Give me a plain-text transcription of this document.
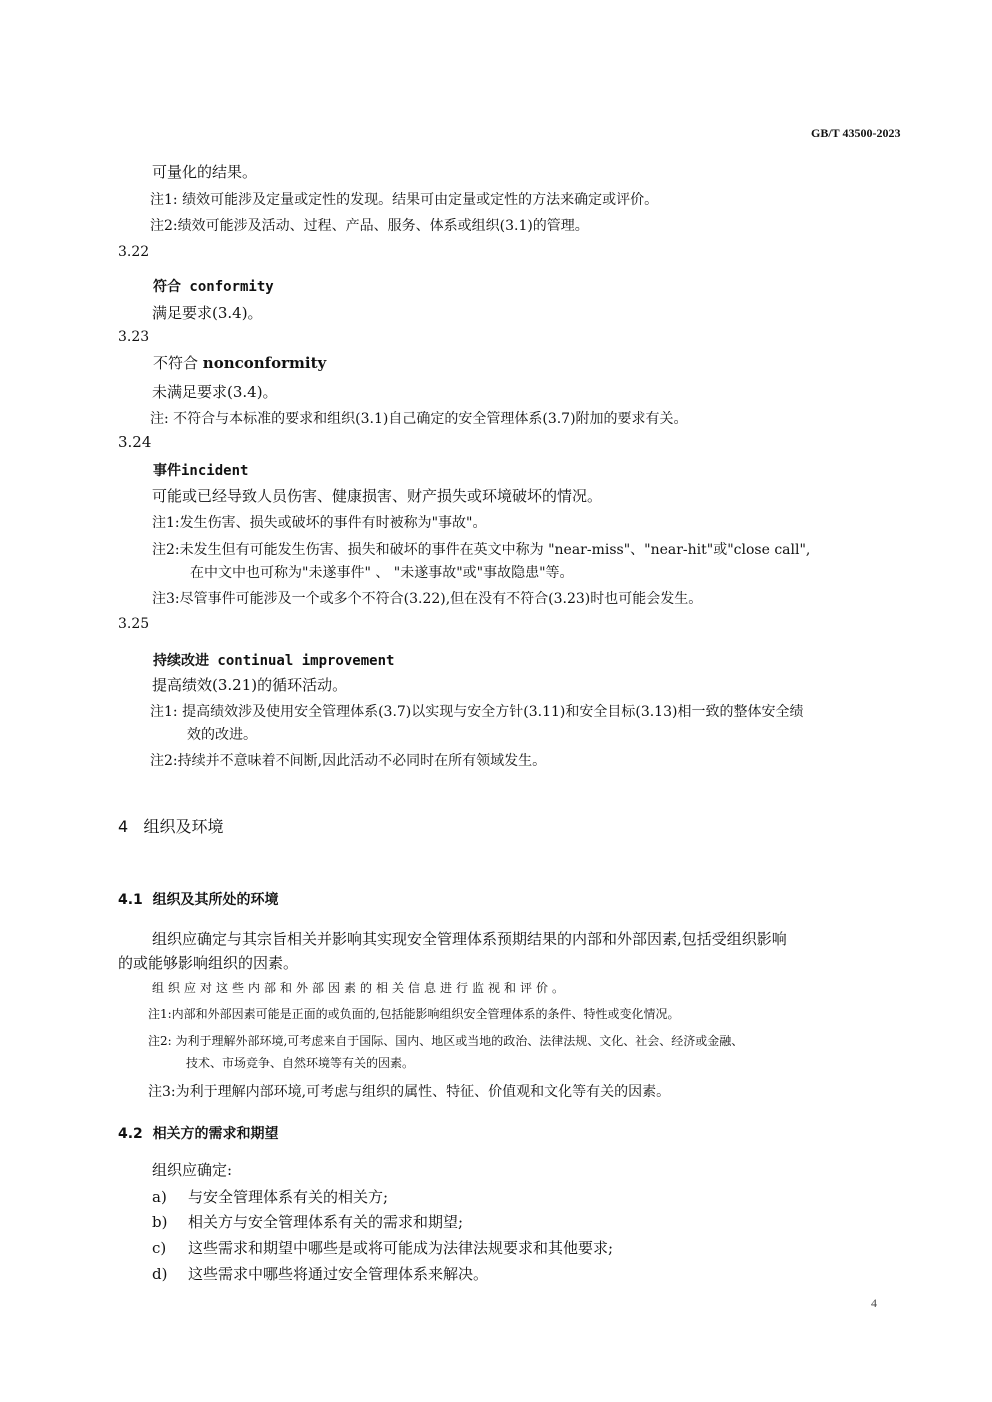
GB/T 43500-2023
可量化的结果。
注1: 绩效可能涉及定量或定性的发现。结果可由定量或定性的方法来确定或评价。
注2:绩效可能涉及活动、过程、产品、服务、体系或组织(3.1)的管理。
3.22
符合 conformity
满足要求(3.4)。
3.23
不符合 nonconformity
未满足要求(3.4)。
注: 不符合与本标准的要求和组织(3.1)自己确定的安全管理体系(3.7)附加的要求有关。
3.24
事件incident
可能或已经导致人员伤害、健康损害、财产损失或环境破坏的情况。
注1:发生伤害、损失或破坏的事件有时被称为"事故"。
注2:未发生但有可能发生伤害、损失和破坏的事件在英文中称为 "near-miss"、"near-hit"或"close call",
在中文中也可称为"未遂事件" 、 "未遂事故"或"事故隐患"等。
注3:尽管事件可能涉及一个或多个不符合(3.22),但在没有不符合(3.23)时也可能会发生。
3.25
持续改进 continual improvement
提高绩效(3.21)的循环活动。
注1: 提高绩效涉及使用安全管理体系(3.7)以实现与安全方针(3.11)和安全目标(3.13)相一致的整体安全绩
效的改进。
注2:持续并不意味着不间断,因此活动不必同时在所有领域发生。
4 组织及环境
4.1 组织及其所处的环境
组织应确定与其宗旨相关并影响其实现安全管理体系预期结果的内部和外部因素,包括受组织影响
的或能够影响组织的因素。
组织应对这些内部和外部因素的相关信息进行监视和评价。
注1:内部和外部因素可能是正面的或负面的,包括能影响组织安全管理体系的条件、特性或变化情况。
注2: 为利于理解外部环境,可考虑来自于国际、国内、地区或当地的政治、法律法规、文化、社会、经济或金融、
技术、市场竞争、自然环境等有关的因素。
注3:为利于理解内部环境,可考虑与组织的属性、特征、价值观和文化等有关的因素。
4.2 相关方的需求和期望
组织应确定:
a) 与安全管理体系有关的相关方;
b) 相关方与安全管理体系有关的需求和期望;
c) 这些需求和期望中哪些是或将可能成为法律法规要求和其他要求;
d) 这些需求中哪些将通过安全管理体系来解决。
4
